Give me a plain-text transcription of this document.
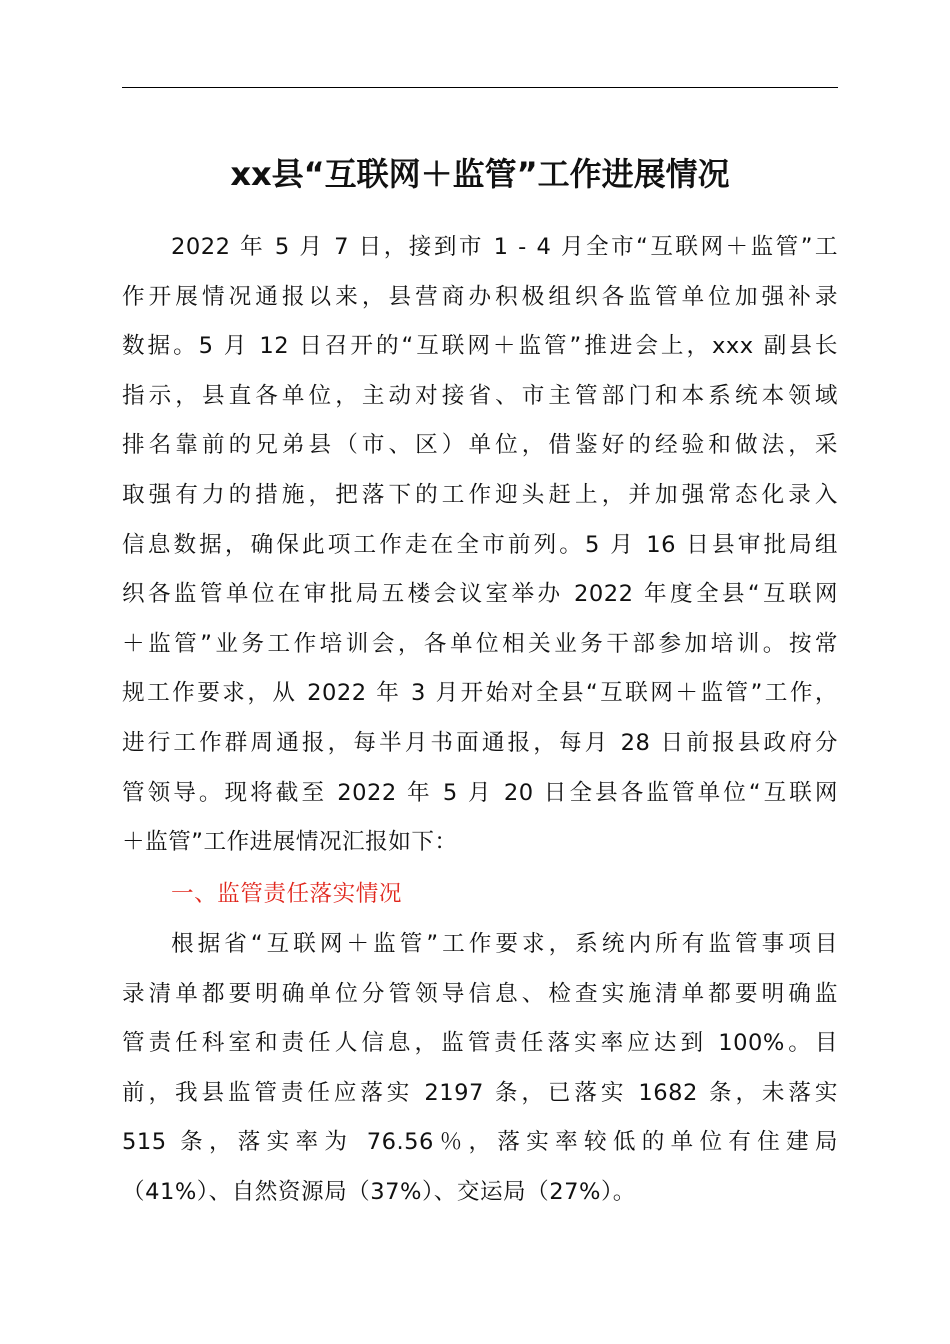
xx县“互联网＋监管”工作进展情况
2022 年 5 月 7 日，接到市 1 - 4 月全市“互联网＋监管”工
作开展情况通报以来，县营商办积极组织各监管单位加强补录
数据。5 月 12 日召开的“互联网＋监管”推进会上，xxx 副县长
指示，县直各单位，主动对接省、市主管部门和本系统本领域
排名靠前的兄弟县（市、区）单位，借鉴好的经验和做法，采
取强有力的措施，把落下的工作迎头赶上，并加强常态化录入
信息数据，确保此项工作走在全市前列。5 月 16 日县审批局组
织各监管单位在审批局五楼会议室举办 2022 年度全县“互联网
＋监管”业务工作培训会，各单位相关业务干部参加培训。按常
规工作要求，从 2022 年 3 月开始对全县“互联网＋监管”工作，
进行工作群周通报，每半月书面通报，每月 28 日前报县政府分
管领导。现将截至 2022 年 5 月 20 日全县各监管单位“互联网
＋监管”工作进展情况汇报如下：
一、监管责任落实情况
根据省“互联网＋监管”工作要求，系统内所有监管事项目
录清单都要明确单位分管领导信息、检查实施清单都要明确监
管责任科室和责任人信息，监管责任落实率应达到 100%。目
前，我县监管责任应落实 2197 条，已落实 1682 条，未落实
515 条，落实率为 76.56％，落实率较低的单位有住建局
（41%）、自然资源局（37%）、交运局（27%）。
